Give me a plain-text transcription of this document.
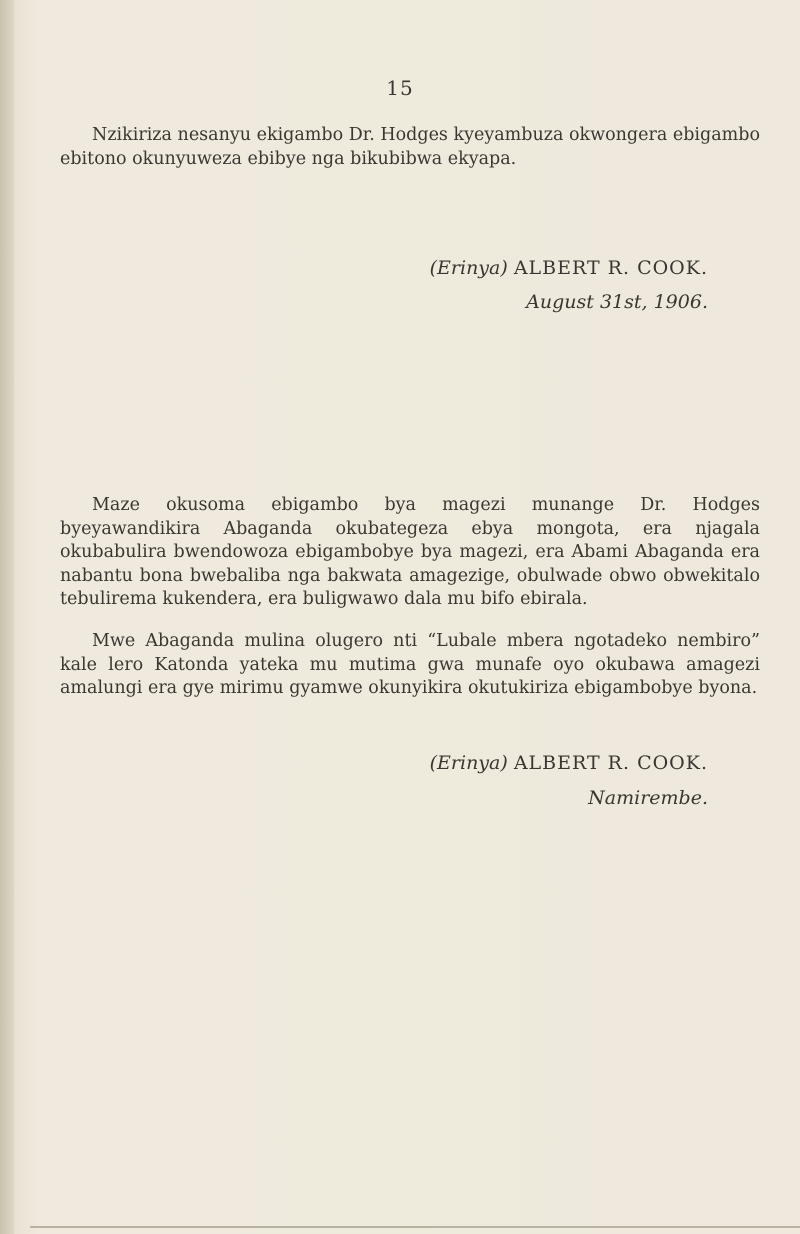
15

Nzikiriza nesanyu ekigambo Dr. Hodges kyeyambuza okwongera ebigambo ebitono okunyuweza ebibye nga bikubibwa ekyapa.

(Erinya) ALBERT R. COOK.
August 31st, 1906.

Maze okusoma ebigambo bya magezi munange Dr. Hodges byeyawandikira Abaganda okubategeza ebya mongota, era njagala okubabulira bwendowoza ebigambobye bya magezi, era Abami Abaganda era nabantu bona bwebaliba nga bakwata amagezige, obulwade obwo obwekitalo tebulirema kukendera, era buligwawo dala mu bifo ebirala.

Mwe Abaganda mulina olugero nti “Lubale mbera ngotadeko nembiro” kale lero Katonda yateka mu mutima gwa munafe oyo okubawa amagezi amalungi era gye mirimu gyamwe okunyikira okutukiriza ebigambobye byona.

(Erinya) ALBERT R. COOK.
Namirembe.
